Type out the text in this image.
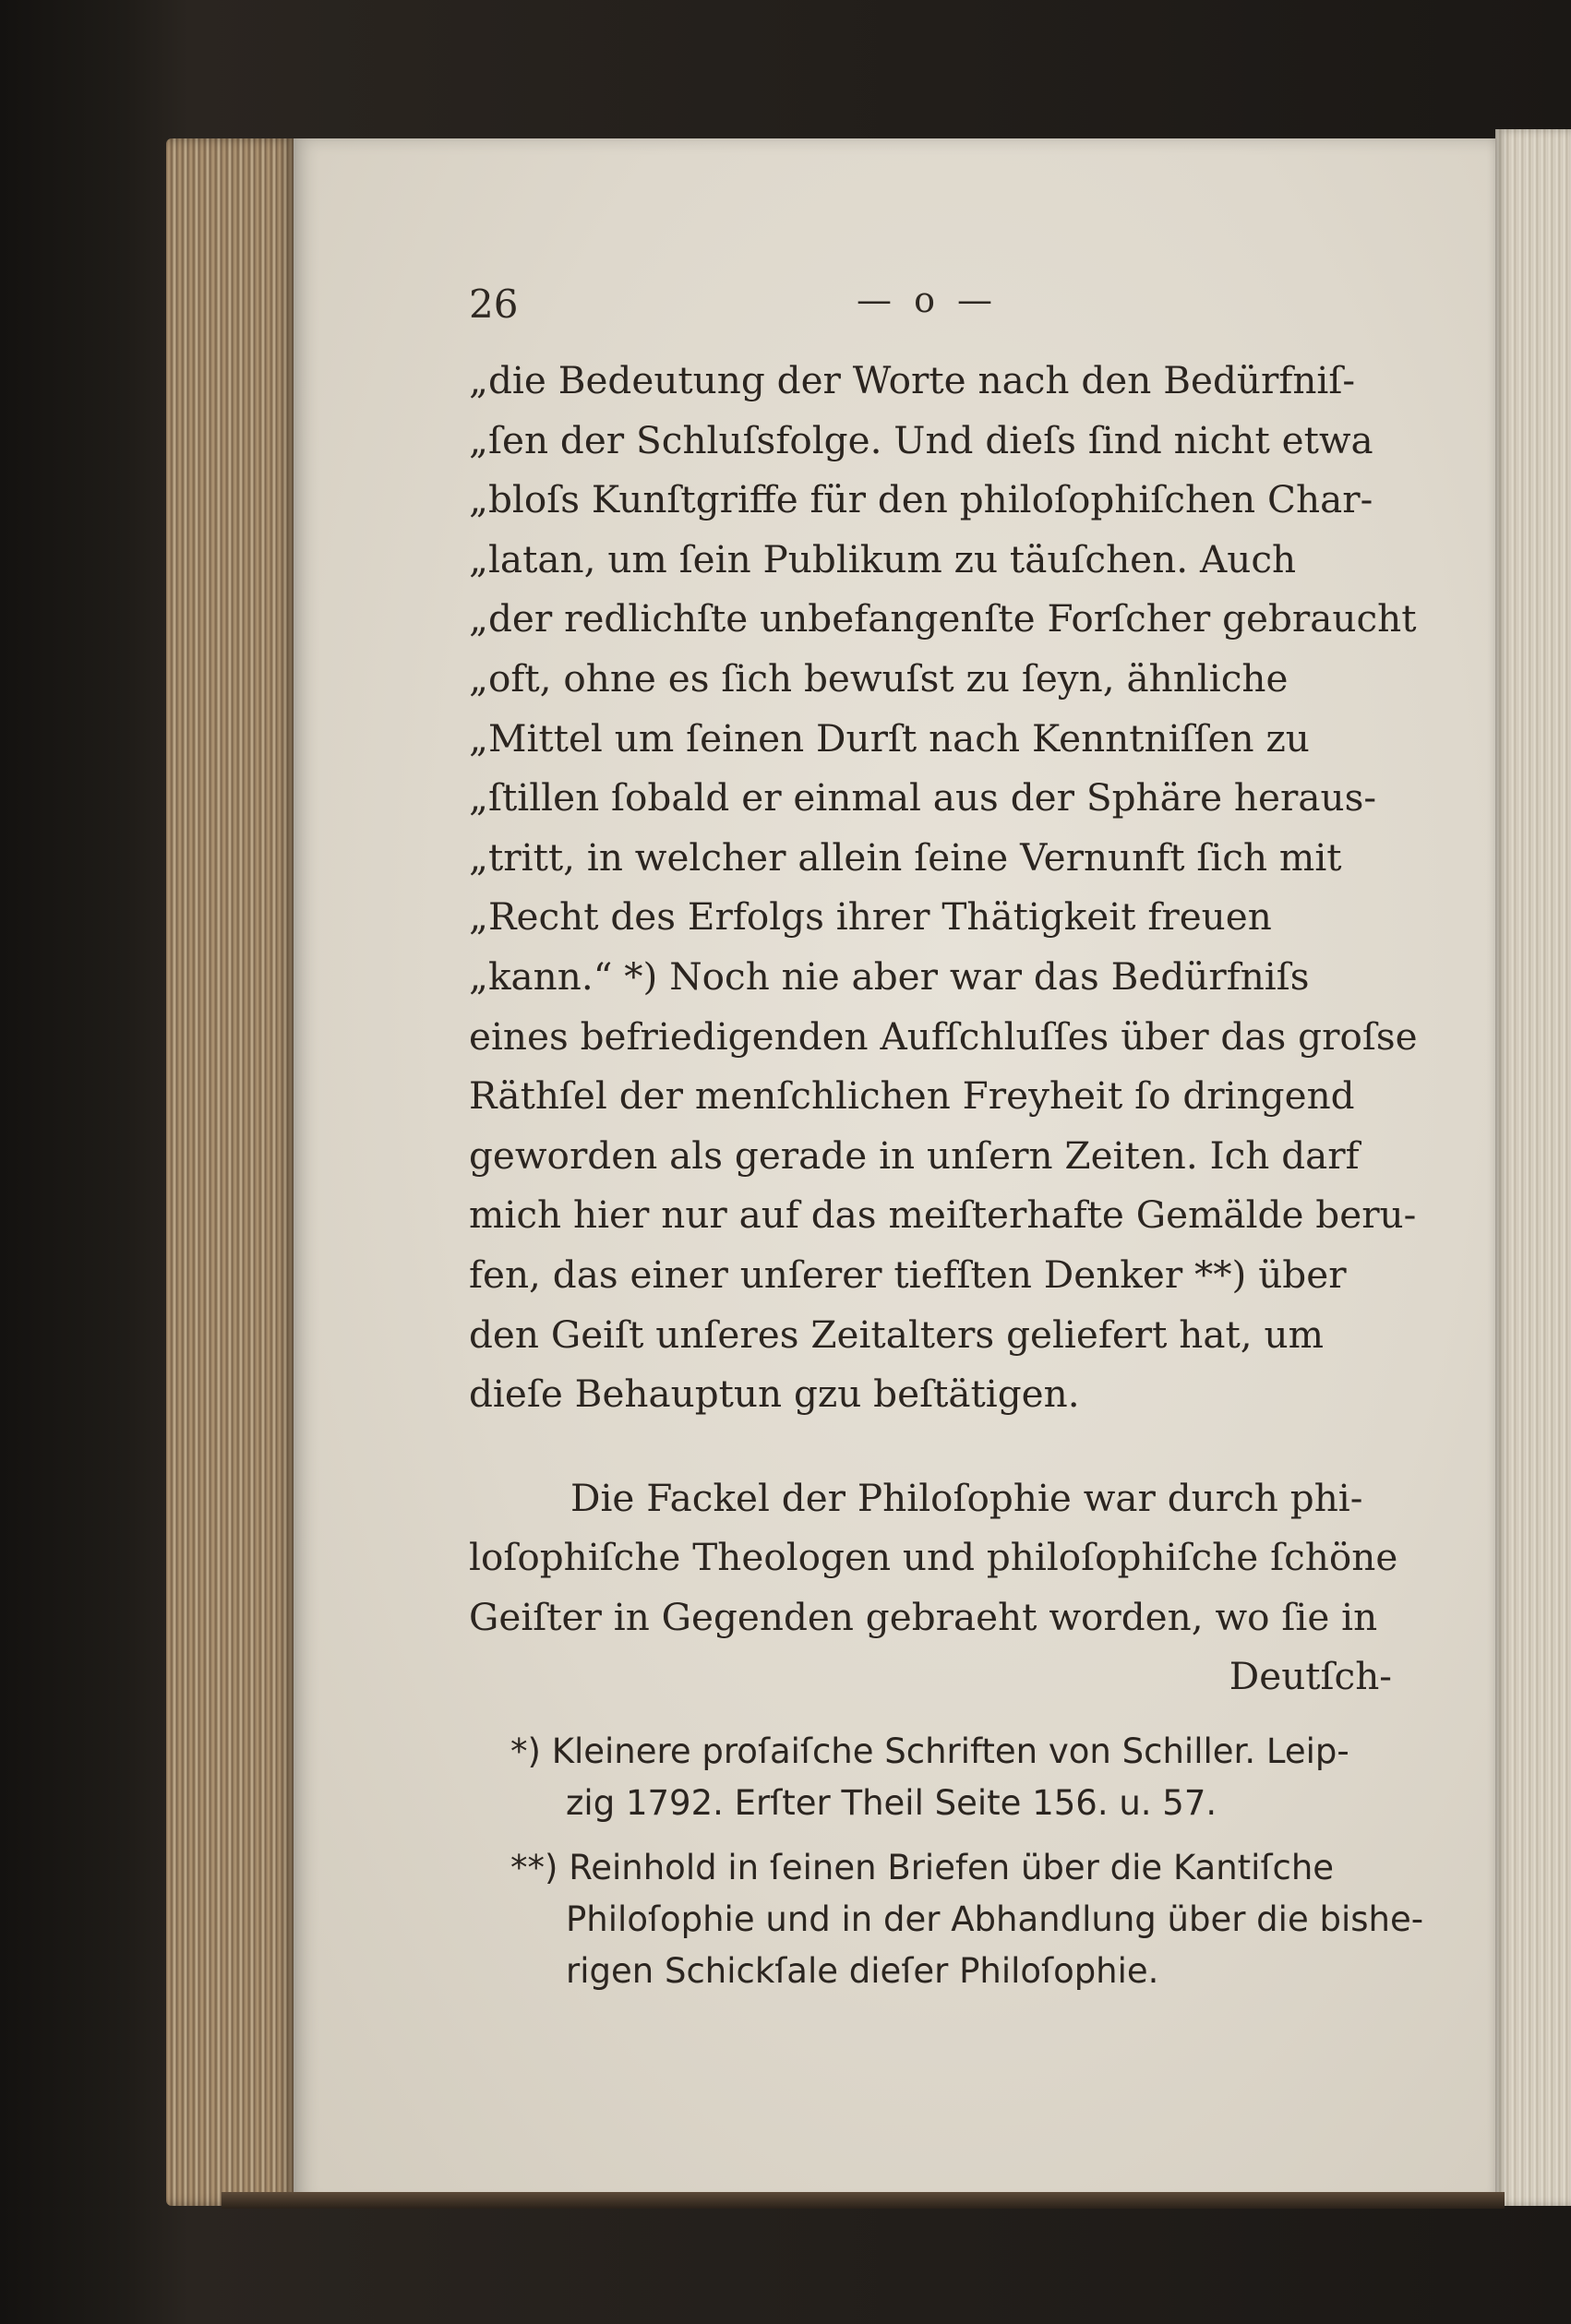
26	— o —
„die Bedeutung der Worte nach den Bedürfniſ-
„ſen der Schluſsfolge. Und dieſs ſind nicht etwa
„bloſs Kunſtgriffe für den philoſophiſchen Char-
„latan, um ſein Publikum zu täuſchen. Auch
„der redlichſte unbefangenſte Forſcher gebraucht
„oft, ohne es ſich bewuſst zu ſeyn, ähnliche
„Mittel um ſeinen Durſt nach Kenntniſſen zu
„ſtillen ſobald er einmal aus der Sphäre heraus-
„tritt, in welcher allein ſeine Vernunft ſich mit
„Recht des Erfolgs ihrer Thätigkeit freuen
„kann.“ *) Noch nie aber war das Bedürfniſs
eines befriedigenden Aufſchluſſes über das groſse
Räthſel der menſchlichen Freyheit ſo dringend
geworden als gerade in unſern Zeiten. Ich darf
mich hier nur auf das meiſterhafte Gemälde beru-
fen, das einer unſerer tiefſten Denker **) über
den Geiſt unſeres Zeitalters geliefert hat, um
dieſe Behauptun gzu beſtätigen.
Die Fackel der Philoſophie war durch phi-
loſophiſche Theologen und philoſophiſche ſchöne
Geiſter in Gegenden gebraeht worden, wo ſie in
Deutſch-
*) Kleinere proſaiſche Schriften von Schiller. Leip-
zig 1792. Erſter Theil Seite 156. u. 57.
**) Reinhold in ſeinen Briefen über die Kantiſche
Philoſophie und in der Abhandlung über die bishe-
rigen Schickſale dieſer Philoſophie.
